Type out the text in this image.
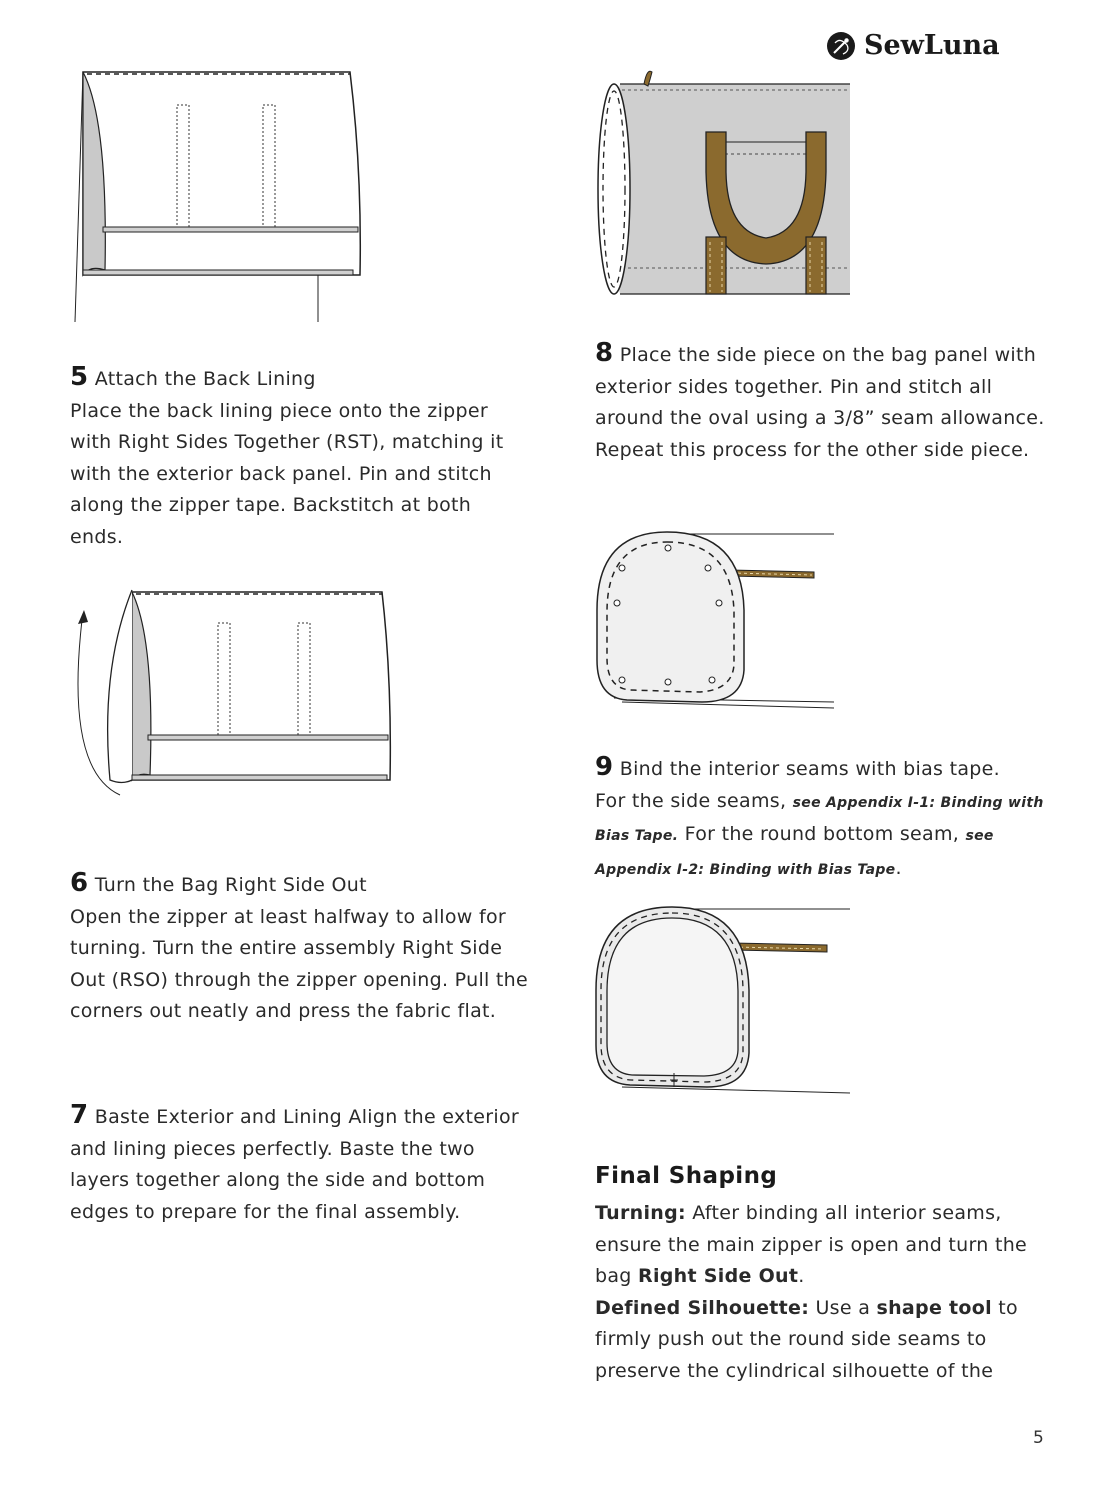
SewLuna
5 Attach the Back Lining
Place the back lining piece onto the zipper with Right Sides Together (RST), matching it with the exterior back panel. Pin and stitch along the zipper tape. Backstitch at both ends.
6 Turn the Bag Right Side Out
Open the zipper at least halfway to allow for turning. Turn the entire assembly Right Side Out (RSO) through the zipper opening. Pull the corners out neatly and press the fabric flat.
7 Baste Exterior and Lining Align the exterior and lining pieces perfectly. Baste the two layers together along the side and bottom edges to prepare for the final assembly.
8 Place the side piece on the bag panel with exterior sides together. Pin and stitch all around the oval using a 3/8” seam allowance. Repeat this process for the other side piece.
9 Bind the interior seams with bias tape.
For the side seams, see Appendix I-1: Binding with Bias Tape. For the round bottom seam, see Appendix I-2: Binding with Bias Tape.
Final Shaping
Turning: After binding all interior seams, ensure the main zipper is open and turn the bag Right Side Out.
Defined Silhouette: Use a shape tool to firmly push out the round side seams to preserve the cylindrical silhouette of the
5
